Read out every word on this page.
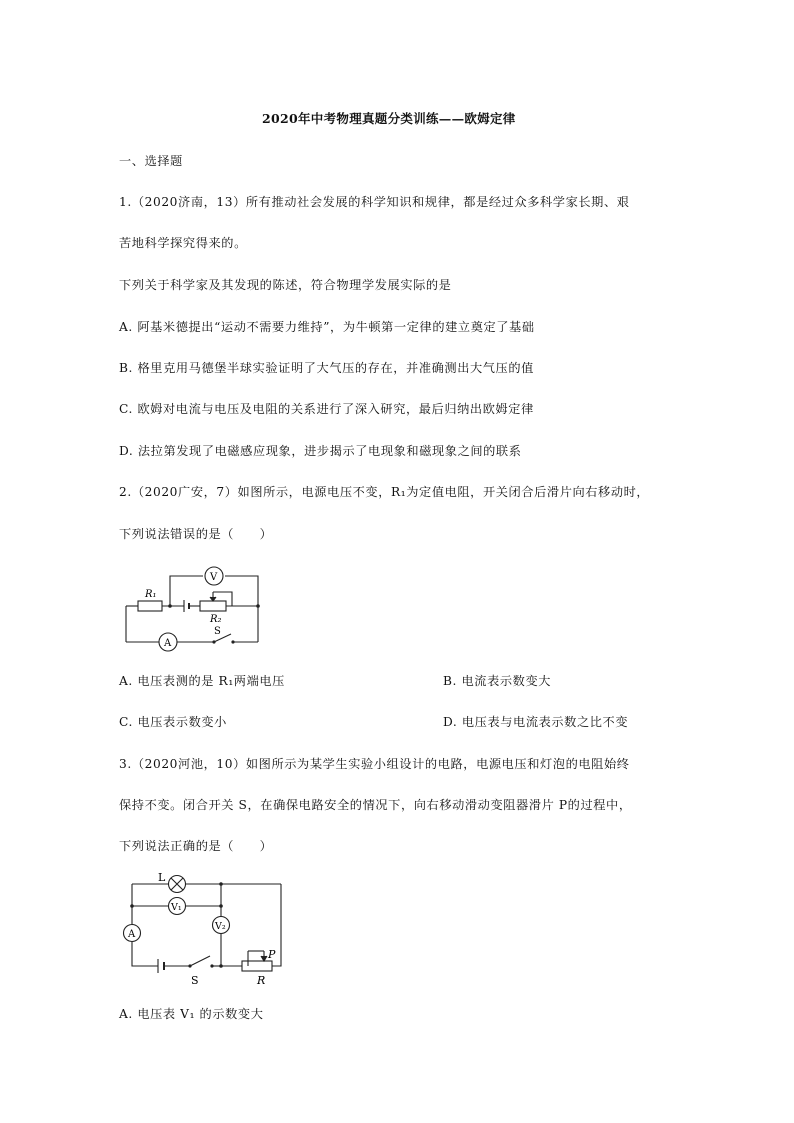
2020年中考物理真题分类训练——欧姆定律
一、选择题
1.（2020济南，13）所有推动社会发展的科学知识和规律，都是经过众多科学家长期、艰
苦地科学探究得来的。
下列关于科学家及其发现的陈述，符合物理学发展实际的是
A. 阿基米德提出“运动不需要力维持”，为牛顿第一定律的建立奠定了基础
B. 格里克用马德堡半球实验证明了大气压的存在，并准确测出大气压的值
C. 欧姆对电流与电压及电阻的关系进行了深入研究，最后归纳出欧姆定律
D. 法拉第发现了电磁感应现象，进步揭示了电现象和磁现象之间的联系
2.（2020广安，7）如图所示，电源电压不变，R₁为定值电阻，开关闭合后滑片向右移动时，
下列说法错误的是（　　）
R₁
R₂
V
A
S
A. 电压表测的是 R₁两端电压	B. 电流表示数变大
C. 电压表示数变小	D. 电压表与电流表示数之比不变
3.（2020河池，10）如图所示为某学生实验小组设计的电路，电源电压和灯泡的电阻始终
保持不变。闭合开关 S，在确保电路安全的情况下，向右移动滑动变阻器滑片 P的过程中，
下列说法正确的是（　　）
L
V₁
V₂
A
S
P
R
A. 电压表 V₁ 的示数变大
